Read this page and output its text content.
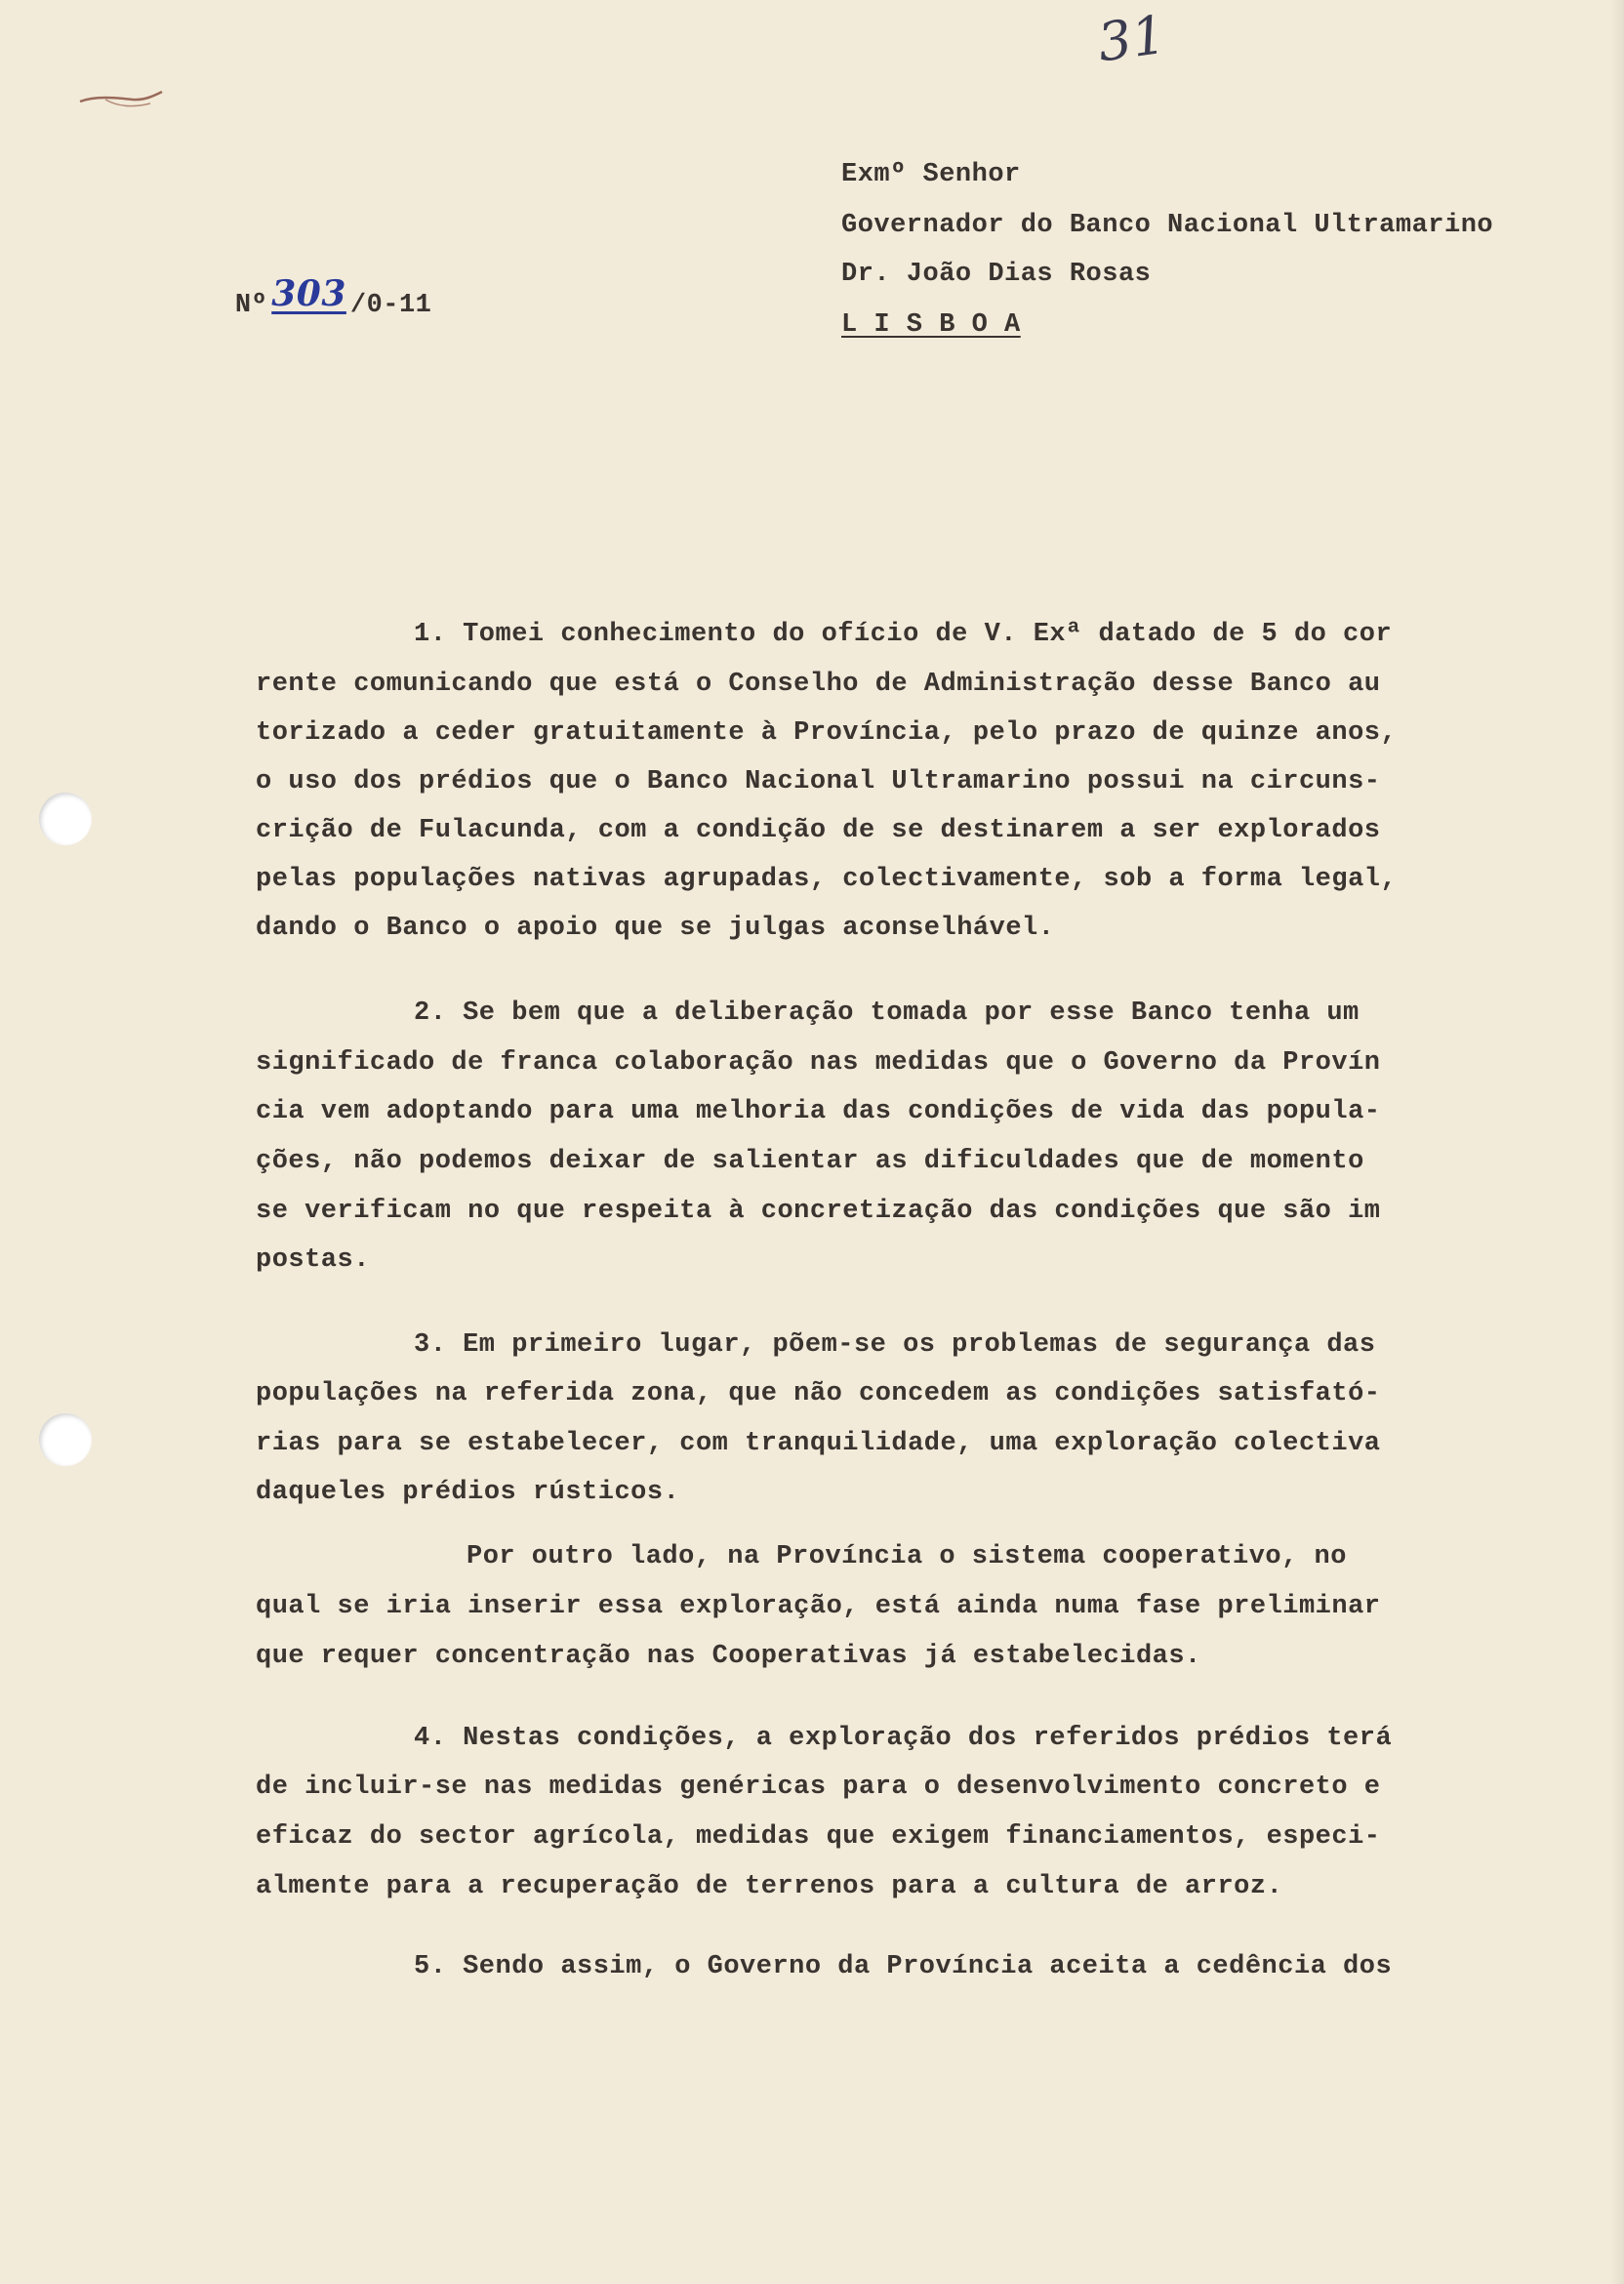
31

Nº 303 /0-11

Exmº Senhor
Governador do Banco Nacional Ultramarino
Dr. João Dias Rosas
L I S B O A
1. Tomei conhecimento do ofício de V. Exª datado de 5 do cor
rente comunicando que está o Conselho de Administração desse Banco au
torizado a ceder gratuitamente à Província, pelo prazo de quinze anos,
o uso dos prédios que o Banco Nacional Ultramarino possui na circuns-
crição de Fulacunda, com a condição de se destinarem a ser explorados
pelas populações nativas agrupadas, colectivamente, sob a forma legal,
dando o Banco o apoio que se julgas aconselhável.
2. Se bem que a deliberação tomada por esse Banco tenha um
significado de franca colaboração nas medidas que o Governo da Provín
cia vem adoptando para uma melhoria das condições de vida das popula-
ções, não podemos deixar de salientar as dificuldades que de momento
se verificam no que respeita à concretização das condições que são im
postas.
3. Em primeiro lugar, põem-se os problemas de segurança das
populações na referida zona, que não concedem as condições satisfató-
rias para se estabelecer, com tranquilidade, uma exploração colectiva
daqueles prédios rústicos.
Por outro lado, na Província o sistema cooperativo, no
qual se iria inserir essa exploração, está ainda numa fase preliminar
que requer concentração nas Cooperativas já estabelecidas.
4. Nestas condições, a exploração dos referidos prédios terá
de incluir-se nas medidas genéricas para o desenvolvimento concreto e
eficaz do sector agrícola, medidas que exigem financiamentos, especi-
almente para a recuperação de terrenos para a cultura de arroz.
5. Sendo assim, o Governo da Província aceita a cedência dos
